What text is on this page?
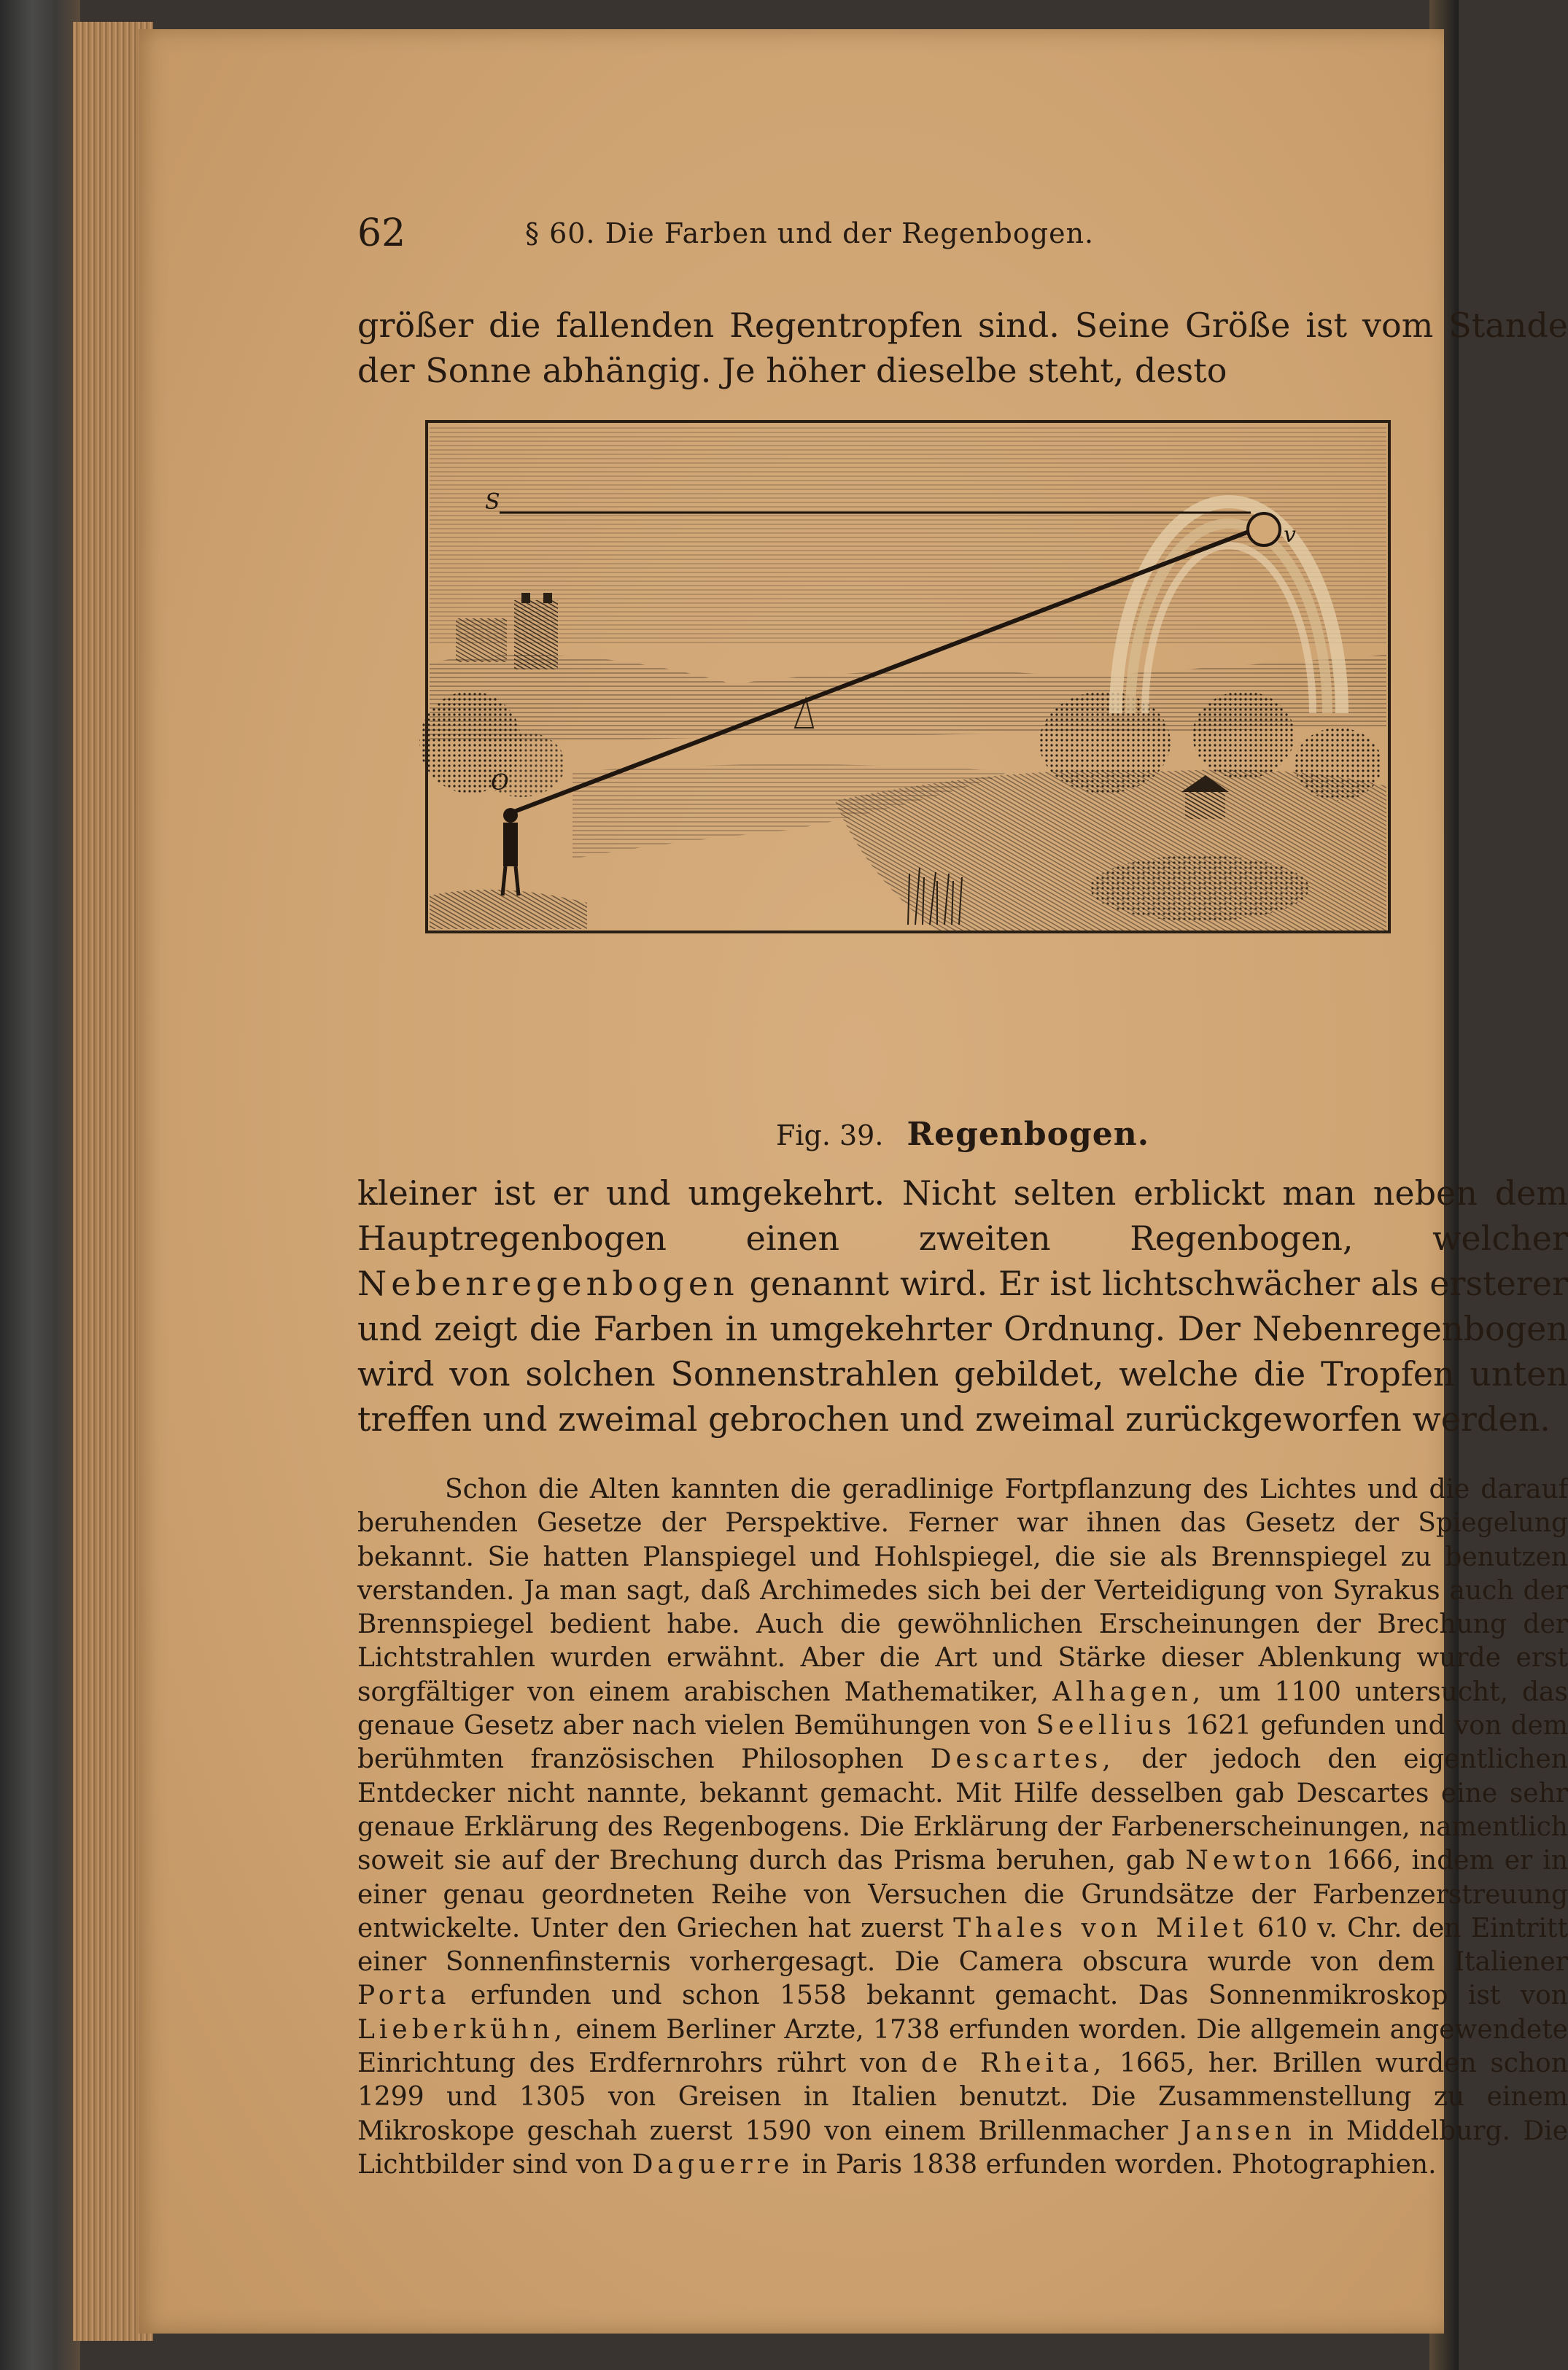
62	§ 60. Die Farben und der Regenbogen.
größer die fallenden Regentropfen sind. Seine Größe ist vom Stande der Sonne abhängig. Je höher dieselbe steht, desto
S
v
O
Fig. 39. Regenbogen.
kleiner ist er und umgekehrt. Nicht selten erblickt man neben dem Hauptregenbogen einen zweiten Regenbogen, welcher Nebenregenbogen genannt wird. Er ist lichtschwächer als ersterer und zeigt die Farben in umgekehrter Ordnung. Der Nebenregenbogen wird von solchen Sonnenstrahlen gebildet, welche die Tropfen unten treffen und zweimal gebrochen und zweimal zurückgeworfen werden.

Schon die Alten kannten die geradlinige Fortpflanzung des Lichtes und die darauf beruhenden Gesetze der Perspektive. Ferner war ihnen das Gesetz der Spiegelung bekannt. Sie hatten Planspiegel und Hohlspiegel, die sie als Brennspiegel zu benutzen verstanden. Ja man sagt, daß Archimedes sich bei der Verteidigung von Syrakus auch der Brennspiegel bedient habe. Auch die gewöhnlichen Erscheinungen der Brechung der Lichtstrahlen wurden erwähnt. Aber die Art und Stärke dieser Ablenkung wurde erst sorgfältiger von einem arabischen Mathematiker, Alhagen, um 1100 untersucht, das genaue Gesetz aber nach vielen Bemühungen von Seellius 1621 gefunden und von dem berühmten französischen Philosophen Descartes, der jedoch den eigentlichen Entdecker nicht nannte, bekannt gemacht. Mit Hilfe desselben gab Descartes eine sehr genaue Erklärung des Regenbogens. Die Erklärung der Farbenerscheinungen, namentlich soweit sie auf der Brechung durch das Prisma beruhen, gab Newton 1666, indem er in einer genau geordneten Reihe von Versuchen die Grundsätze der Farbenzerstreuung entwickelte. Unter den Griechen hat zuerst Thales von Milet 610 v. Chr. den Eintritt einer Sonnenfinsternis vorhergesagt. Die Camera obscura wurde von dem Italiener Porta erfunden und schon 1558 bekannt gemacht. Das Sonnenmikroskop ist von Lieberkühn, einem Berliner Arzte, 1738 erfunden worden. Die allgemein angewendete Einrichtung des Erdfernrohrs rührt von de Rheita, 1665, her. Brillen wurden schon 1299 und 1305 von Greisen in Italien benutzt. Die Zusammenstellung zu einem Mikroskope geschah zuerst 1590 von einem Brillenmacher Jansen in Middelburg. Die Lichtbilder sind von Daguerre in Paris 1838 erfunden worden. Photographien.
